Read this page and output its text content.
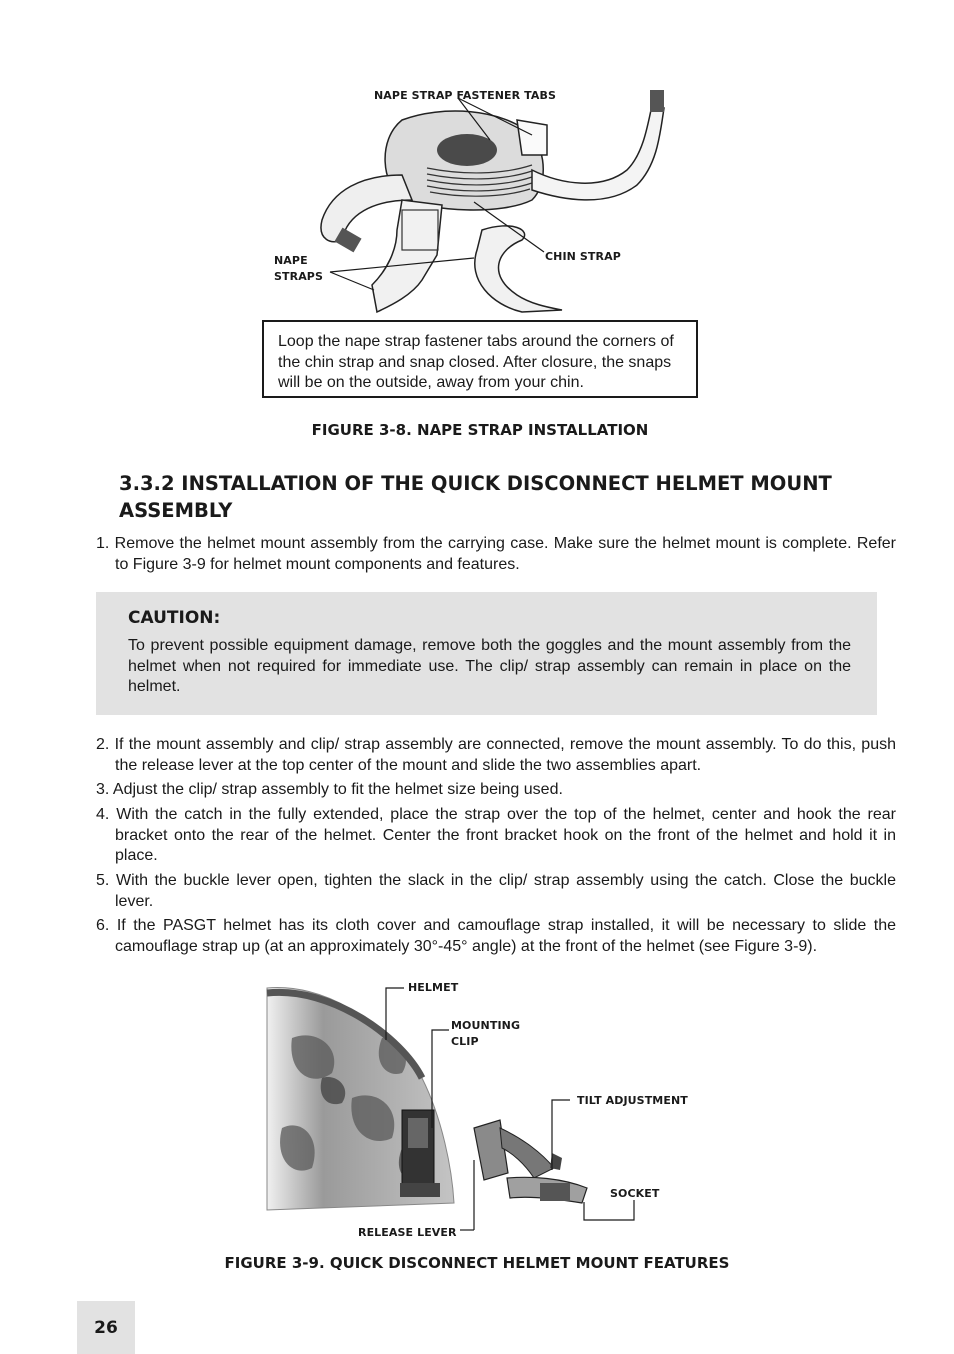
NAPE STRAP FASTENER TABS
NAPE
STRAPS
CHIN STRAP
Loop the nape strap fastener tabs around the corners of the chin strap and snap closed. After closure, the snaps will be on the outside, away from your chin.
FIGURE 3-8. NAPE STRAP INSTALLATION
3.3.2 INSTALLATION OF THE QUICK DISCONNECT HELMET MOUNT
ASSEMBLY
1. Remove the helmet mount assembly from the carrying case. Make sure the helmet mount is complete. Refer to Figure 3-9 for helmet mount components and features.
CAUTION:
To prevent possible equipment damage, remove both the goggles and the mount assembly from the helmet when not required for immediate use. The clip/ strap assembly can remain in place on the helmet.
2. If the mount assembly and clip/ strap assembly are connected, remove the mount assembly. To do this, push the release lever at the top center of the mount and slide the two assemblies apart.
3. Adjust the clip/ strap assembly to fit the helmet size being used.
4. With the catch in the fully extended, place the strap over the top of the helmet, center and hook the rear bracket onto the rear of the helmet. Center the front bracket hook on the front of the helmet and hold it in place.
5. With the buckle lever open, tighten the slack in the clip/ strap assembly using the catch. Close the buckle lever.
6. If the PASGT helmet has its cloth cover and camouflage strap installed, it will be necessary to slide the camouflage strap up (at an approximately 30°-45° angle) at the front of the helmet (see Figure 3-9).
HELMET
MOUNTING
CLIP
TILT ADJUSTMENT
SOCKET
RELEASE LEVER
FIGURE 3-9. QUICK DISCONNECT HELMET MOUNT FEATURES
26
